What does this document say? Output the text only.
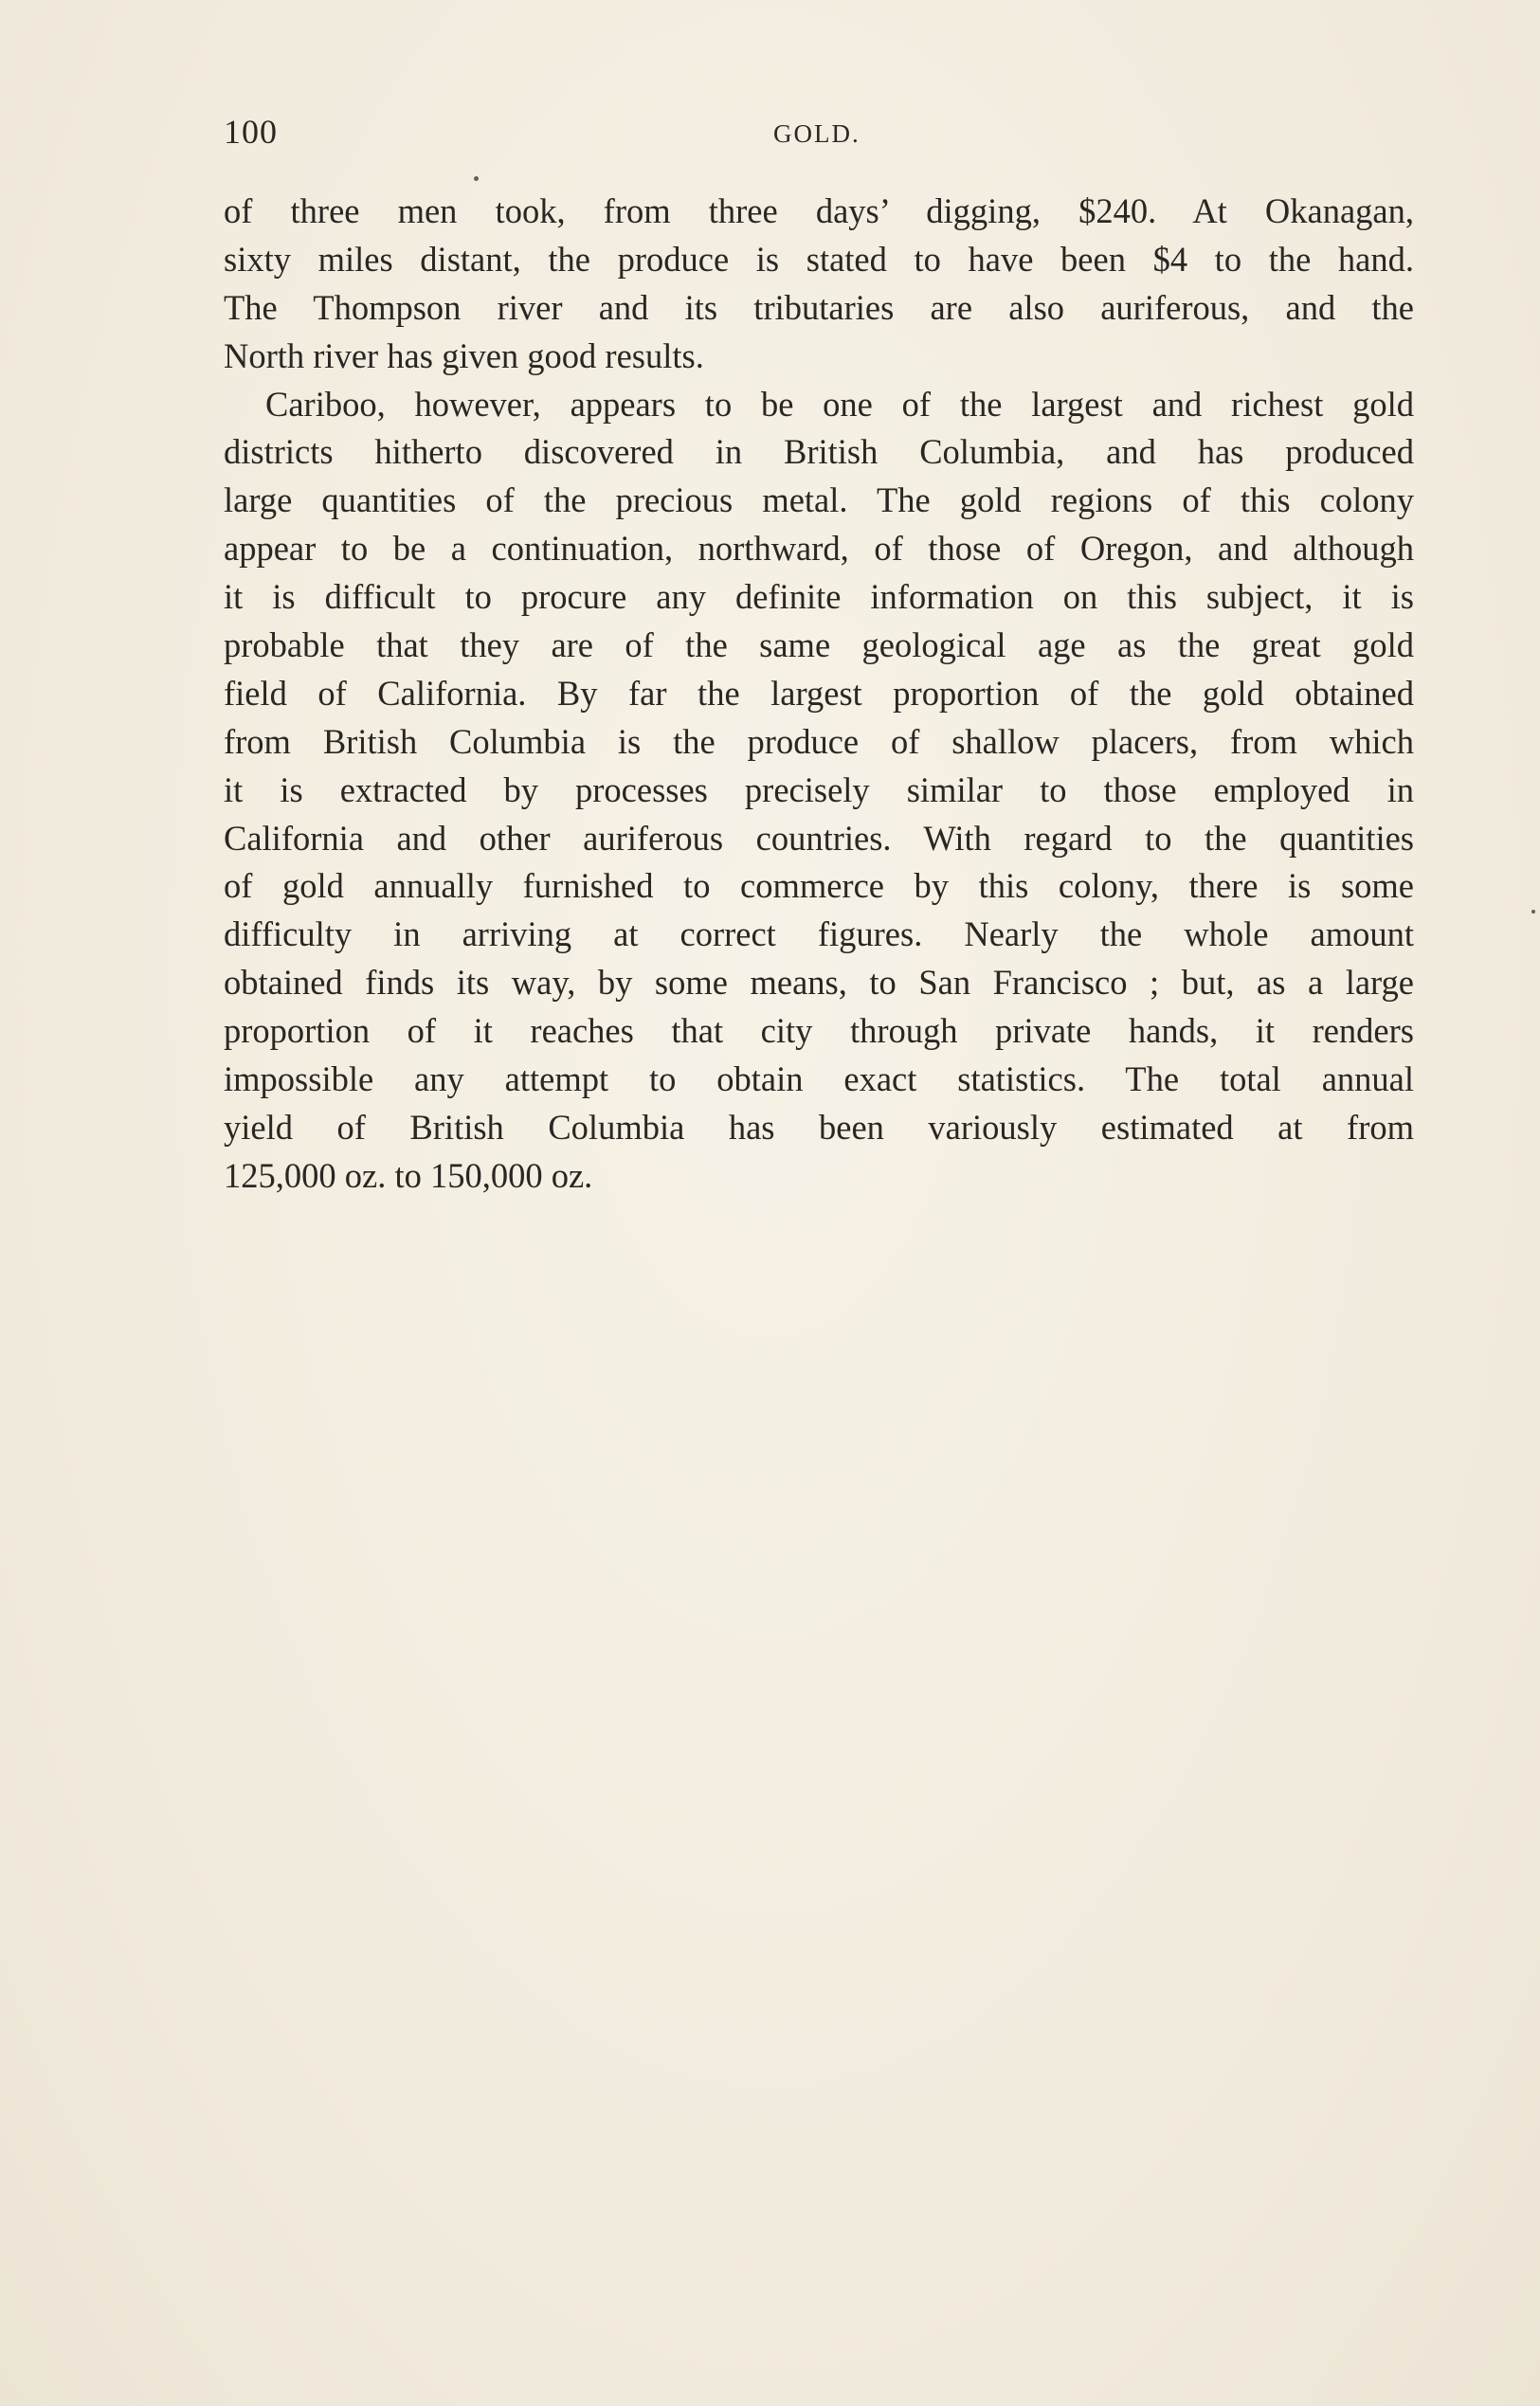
100	GOLD.
of three men took, from three days’ digging, $240. At Okanagan,
sixty miles distant, the produce is stated to have been $4 to the hand.
The Thompson river and its tributaries are also auriferous, and the
North river has given good results.
Cariboo, however, appears to be one of the largest and richest gold
districts hitherto discovered in British Columbia, and has produced
large quantities of the precious metal. The gold regions of this colony
appear to be a continuation, northward, of those of Oregon, and although
it is difficult to procure any definite information on this subject, it is
probable that they are of the same geological age as the great gold
field of California. By far the largest proportion of the gold obtained
from British Columbia is the produce of shallow placers, from which
it is extracted by processes precisely similar to those employed in
California and other auriferous countries. With regard to the quantities
of gold annually furnished to commerce by this colony, there is some
difficulty in arriving at correct figures. Nearly the whole amount
obtained finds its way, by some means, to San Francisco ; but, as a large
proportion of it reaches that city through private hands, it renders
impossible any attempt to obtain exact statistics. The total annual
yield of British Columbia has been variously estimated at from
125,000 oz. to 150,000 oz.
